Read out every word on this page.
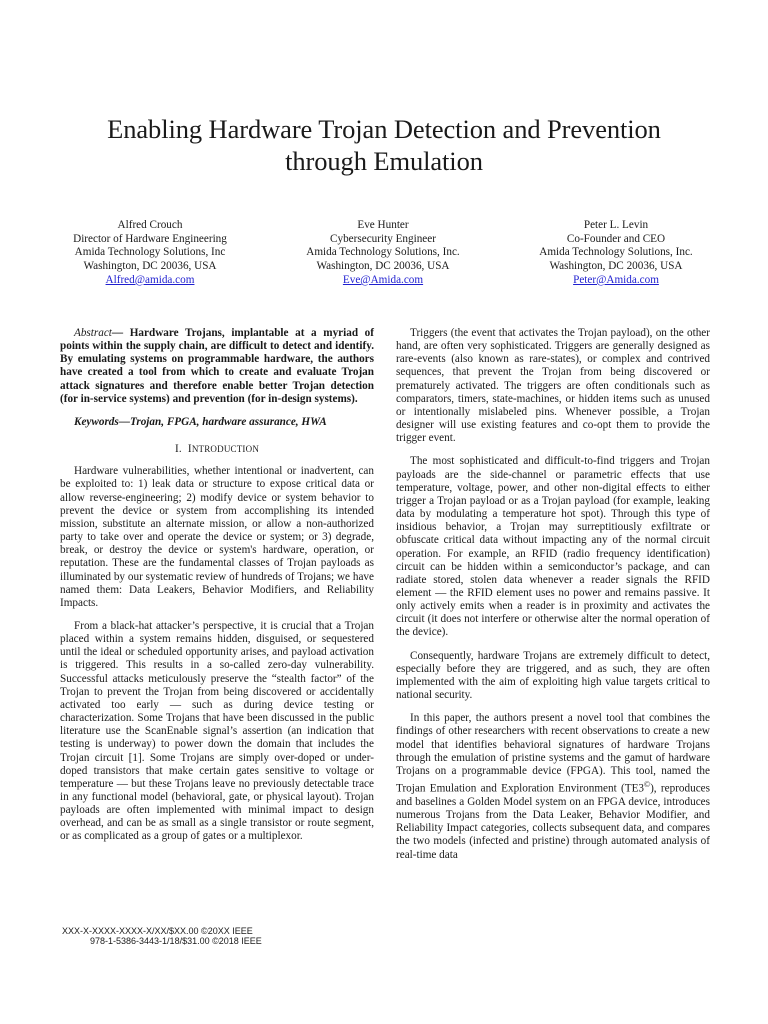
Enabling Hardware Trojan Detection and Prevention
through Emulation
Alfred Crouch
Director of Hardware Engineering
Amida Technology Solutions, Inc
Washington, DC 20036, USA
Alfred@amida.com
Eve Hunter
Cybersecurity Engineer
Amida Technology Solutions, Inc.
Washington, DC 20036, USA
Eve@Amida.com
Peter L. Levin
Co-Founder and CEO
Amida Technology Solutions, Inc.
Washington, DC 20036, USA
Peter@Amida.com

Abstract— Hardware Trojans, implantable at a myriad of points within the supply chain, are difficult to detect and identify. By emulating systems on programmable hardware, the authors have created a tool from which to create and evaluate Trojan attack signatures and therefore enable better Trojan detection (for in-service systems) and prevention (for in-design systems).

Keywords—Trojan, FPGA, hardware assurance, HWA

I. INTRODUCTION

Hardware vulnerabilities, whether intentional or inadvertent, can be exploited to: 1) leak data or structure to expose critical data or allow reverse-engineering; 2) modify device or system behavior to prevent the device or system from accomplishing its intended mission, substitute an alternate mission, or allow a non-authorized party to take over and operate the device or system; or 3) degrade, break, or destroy the device or system's hardware, operation, or reputation. These are the fundamental classes of Trojan payloads as illuminated by our systematic review of hundreds of Trojans; we have named them: Data Leakers, Behavior Modifiers, and Reliability Impacts.

From a black-hat attacker’s perspective, it is crucial that a Trojan placed within a system remains hidden, disguised, or sequestered until the ideal or scheduled opportunity arises, and payload activation is triggered. This results in a so-called zero-day vulnerability. Successful attacks meticulously preserve the “stealth factor” of the Trojan to prevent the Trojan from being discovered or accidentally activated too early — such as during device testing or characterization. Some Trojans that have been discussed in the public literature use the ScanEnable signal’s assertion (an indication that testing is underway) to power down the domain that includes the Trojan circuit [1]. Some Trojans are simply over-doped or under-doped transistors that make certain gates sensitive to voltage or temperature — but these Trojans leave no previously detectable trace in any functional model (behavioral, gate, or physical layout). Trojan payloads are often implemented with minimal impact to design overhead, and can be as small as a single transistor or route segment, or as complicated as a group of gates or a multiplexor.

Triggers (the event that activates the Trojan payload), on the other hand, are often very sophisticated. Triggers are generally designed as rare-events (also known as rare-states), or complex and contrived sequences, that prevent the Trojan from being discovered or prematurely activated. The triggers are often conditionals such as comparators, timers, state-machines, or hidden items such as unused or intentionally mislabeled pins. Whenever possible, a Trojan designer will use existing features and co-opt them to provide the trigger event.

The most sophisticated and difficult-to-find triggers and Trojan payloads are the side-channel or parametric effects that use temperature, voltage, power, and other non-digital effects to either trigger a Trojan payload or as a Trojan payload (for example, leaking data by modulating a temperature hot spot). Through this type of insidious behavior, a Trojan may surreptitiously exfiltrate or obfuscate critical data without impacting any of the normal circuit operation. For example, an RFID (radio frequency identification) circuit can be hidden within a semiconductor’s package, and can radiate stored, stolen data whenever a reader signals the RFID element — the RFID element uses no power and remains passive. It only actively emits when a reader is in proximity and activates the circuit (it does not interfere or otherwise alter the normal operation of the device).

Consequently, hardware Trojans are extremely difficult to detect, especially before they are triggered, and as such, they are often implemented with the aim of exploiting high value targets critical to national security.

In this paper, the authors present a novel tool that combines the findings of other researchers with recent observations to create a new model that identifies behavioral signatures of hardware Trojans through the emulation of pristine systems and the gamut of hardware Trojans on a programmable device (FPGA). This tool, named the Trojan Emulation and Exploration Environment (TE3©), reproduces and baselines a Golden Model system on an FPGA device, introduces numerous Trojans from the Data Leaker, Behavior Modifier, and Reliability Impact categories, collects subsequent data, and compares the two models (infected and pristine) through automated analysis of real-time data

XXX-X-XXXX-XXXX-X/XX/$XX.00 ©20XX IEEE
978-1-5386-3443-1/18/$31.00 ©2018 IEEE
